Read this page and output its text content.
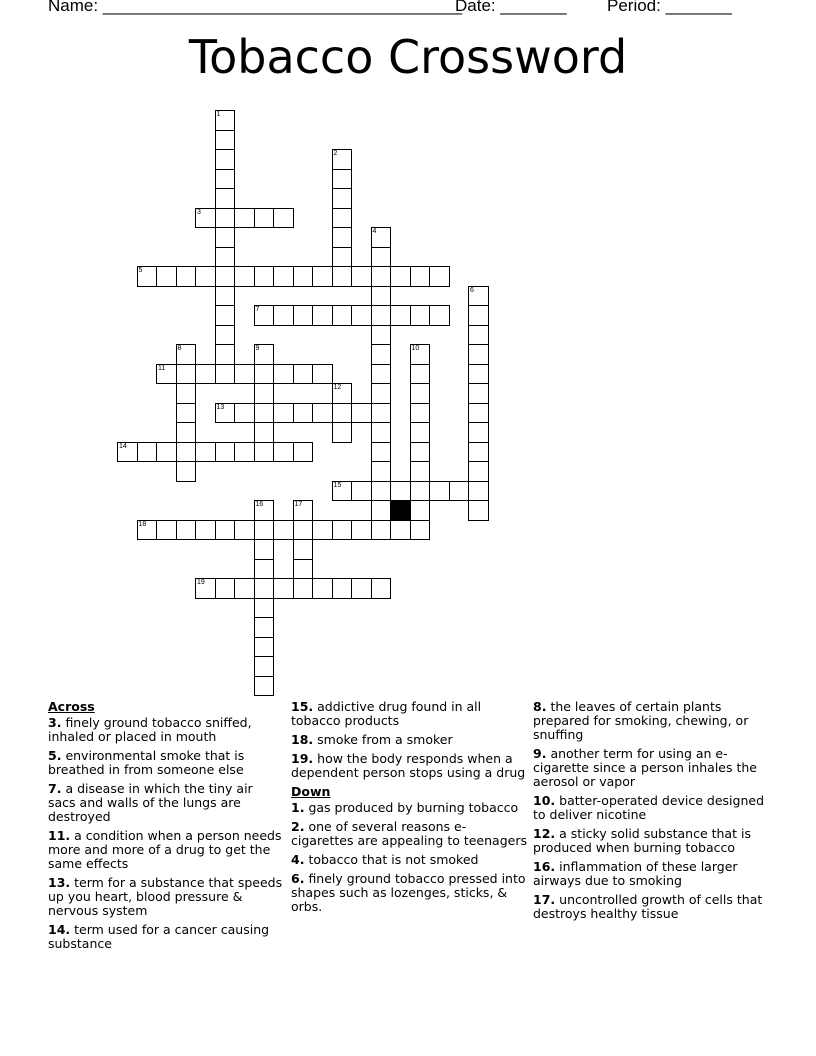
Name: ______________________________________
Date: _______ Period: _______
Tobacco Crossword
1
2
3
4
5
6
7
8	9	10
11
12
13
14
15
16	17
18
19
Across
3. finely ground tobacco sniffed, inhaled or placed in mouth
5. environmental smoke that is breathed in from someone else
7. a disease in which the tiny air sacs and walls of the lungs are destroyed
11. a condition when a person needs more and more of a drug to get the same effects
13. term for a substance that speeds up you heart, blood pressure & nervous system
14. term used for a cancer causing substance
15. addictive drug found in all tobacco products
18. smoke from a smoker
19. how the body responds when a dependent person stops using a drug
Down
1. gas produced by burning tobacco
2. one of several reasons e-cigarettes are appealing to teenagers
4. tobacco that is not smoked
6. finely ground tobacco pressed into shapes such as lozenges, sticks, & orbs.
8. the leaves of certain plants prepared for smoking, chewing, or snuffing
9. another term for using an e-cigarette since a person inhales the aerosol or vapor
10. batter-operated device designed to deliver nicotine
12. a sticky solid substance that is produced when burning tobacco
16. inflammation of these larger airways due to smoking
17. uncontrolled growth of cells that destroys healthy tissue
